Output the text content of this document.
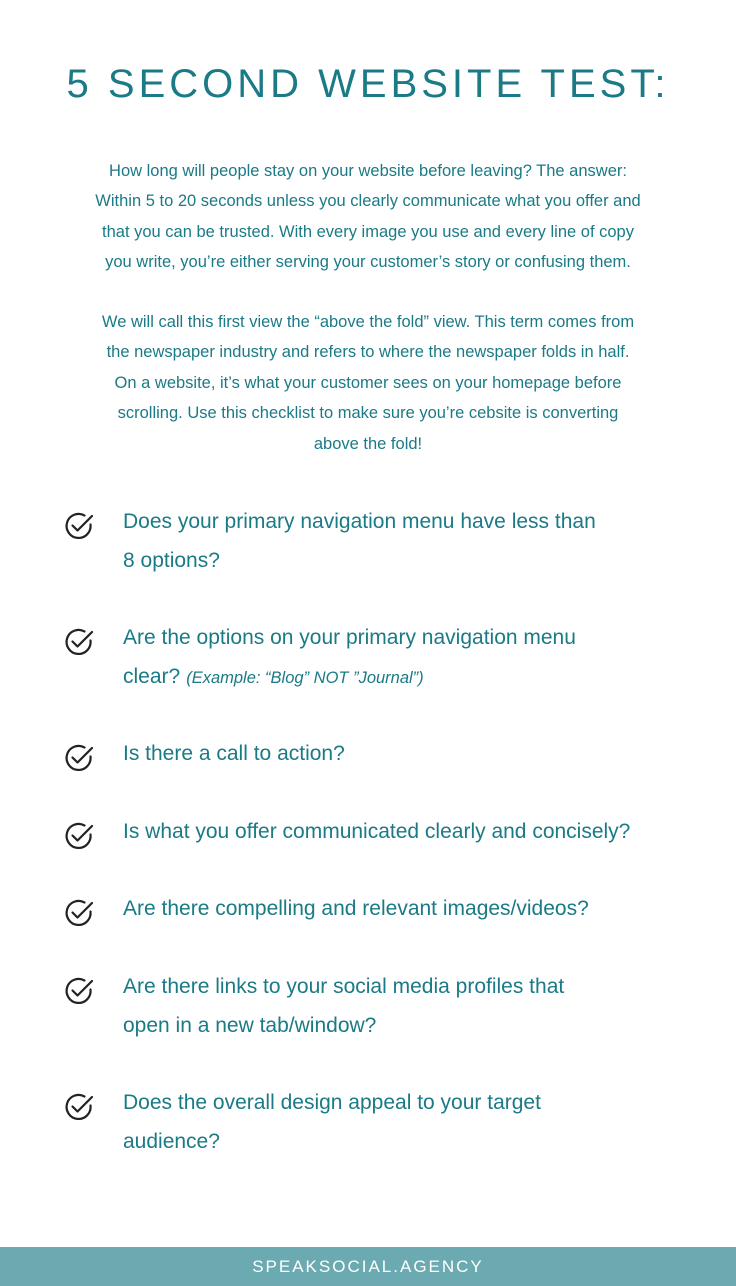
5 SECOND WEBSITE TEST:

How long will people stay on your website before leaving? The answer:
Within 5 to 20 seconds unless you clearly communicate what you offer and
that you can be trusted. With every image you use and every line of copy
you write, you’re either serving your customer’s story or confusing them.

We will call this first view the “above the fold” view. This term comes from
the newspaper industry and refers to where the newspaper folds in half.
On a website, it’s what your customer sees on your homepage before
scrolling. Use this checklist to make sure you’re cebsite is converting
above the fold!

Does your primary navigation menu have less than
8 options?
Are the options on your primary navigation menu
clear? (Example: “Blog” NOT ”Journal”)
Is there a call to action?
Is what you offer communicated clearly and concisely?
Are there compelling and relevant images/videos?
Are there links to your social media profiles that
open in a new tab/window?
Does the overall design appeal to your target
audience?
SPEAKSOCIAL.AGENCY
